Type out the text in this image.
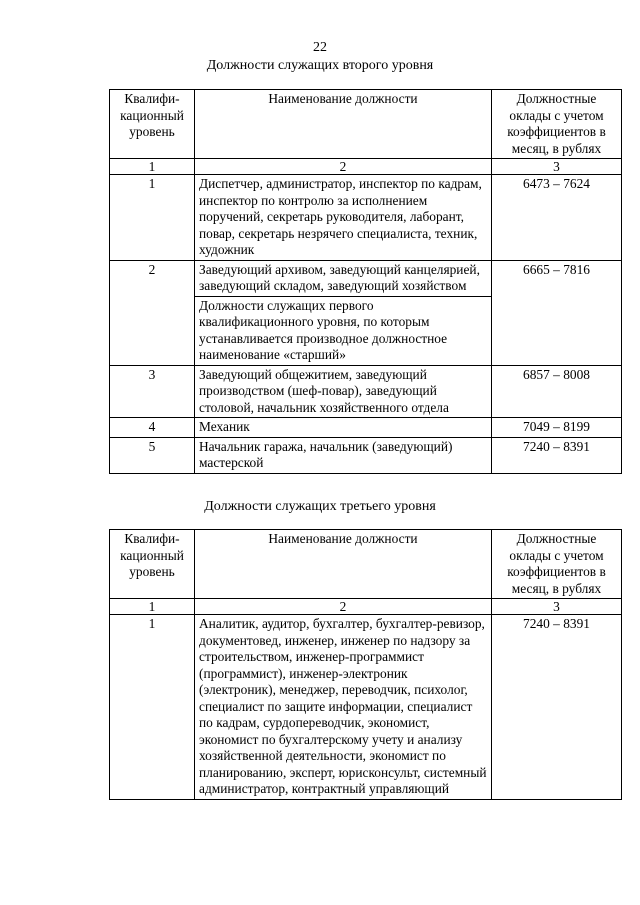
22
Должности служащих второго уровня
Квалифи-
кационный
уровень	Наименование должности	Должностные
оклады с учетом
коэффициентов в
месяц, в рублях
1	2	3
1	Диспетчер, администратор, инспектор по кадрам, инспектор по контролю за исполнением поручений, секретарь руководителя, лаборант, повар, секретарь незрячего специалиста, техник, художник	6473 – 7624
2	Заведующий архивом, заведующий канцелярией, заведующий складом, заведующий хозяйством	6665 – 7816
	Должности служащих первого квалификационного уровня, по которым устанавливается производное должностное наименование «старший»	
3	Заведующий общежитием, заведующий производством (шеф-повар), заведующий столовой, начальник хозяйственного отдела	6857 – 8008
4	Механик	7049 – 8199
5	Начальник гаража, начальник (заведующий) мастерской	7240 – 8391
Должности служащих третьего уровня
Квалифи-
кационный
уровень	Наименование должности	Должностные
оклады с учетом
коэффициентов в
месяц, в рублях
1	2	3
1	Аналитик, аудитор, бухгалтер, бухгалтер-ревизор, документовед, инженер, инженер по надзору за строительством, инженер-программист (программист), инженер-электроник (электроник), менеджер, переводчик, психолог, специалист по защите информации, специалист по кадрам, сурдопереводчик, экономист, экономист по бухгалтерскому учету и анализу хозяйственной деятельности, экономист по планированию, эксперт, юрисконсульт, системный администратор, контрактный управляющий	7240 – 8391
